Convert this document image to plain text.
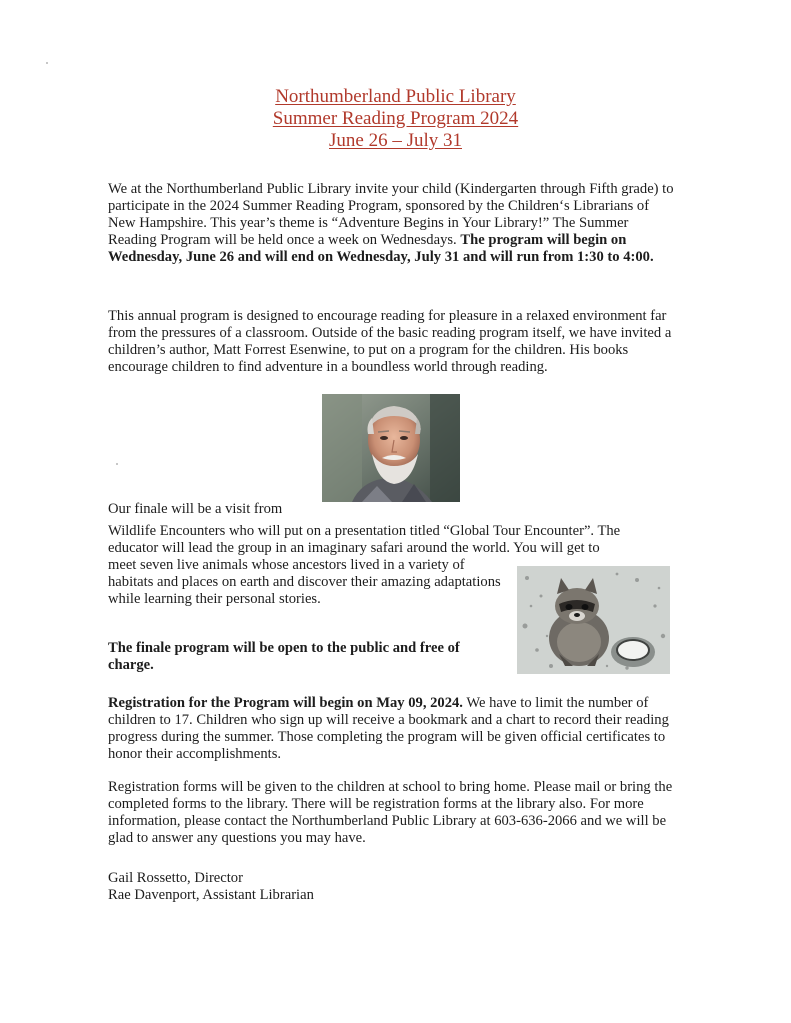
Northumberland Public Library
Summer Reading Program 2024
June 26 – July 31
We at the Northumberland Public Library invite your child (Kindergarten through Fifth grade) to participate in the 2024 Summer Reading Program, sponsored by the Children‘s Librarians of New Hampshire. This year’s theme is “Adventure Begins in Your Library!” The Summer Reading Program will be held once a week on Wednesdays. The program will begin on Wednesday, June 26 and will end on Wednesday, July 31 and will run from 1:30 to 4:00.
This annual program is designed to encourage reading for pleasure in a relaxed environment far from the pressures of a classroom. Outside of the basic reading program itself, we have invited a children’s author, Matt Forrest Esenwine, to put on a program for the children. His books encourage children to find adventure in a boundless world through reading.
Our finale will be a visit from
Wildlife Encounters who will put on a presentation titled “Global Tour Encounter”. The educator will lead the group in an imaginary safari around the world. You will get to
meet seven live animals whose ancestors lived in a variety of habitats and places on earth and discover their amazing adaptations while learning their personal stories.
The finale program will be open to the public and free of charge.
Registration for the Program will begin on May 09, 2024. We have to limit the number of children to 17. Children who sign up will receive a bookmark and a chart to record their reading progress during the summer. Those completing the program will be given official certificates to honor their accomplishments.
Registration forms will be given to the children at school to bring home. Please mail or bring the completed forms to the library. There will be registration forms at the library also. For more information, please contact the Northumberland Public Library at 603-636-2066 and we will be glad to answer any questions you may have.
Gail Rossetto, Director
Rae Davenport, Assistant Librarian
